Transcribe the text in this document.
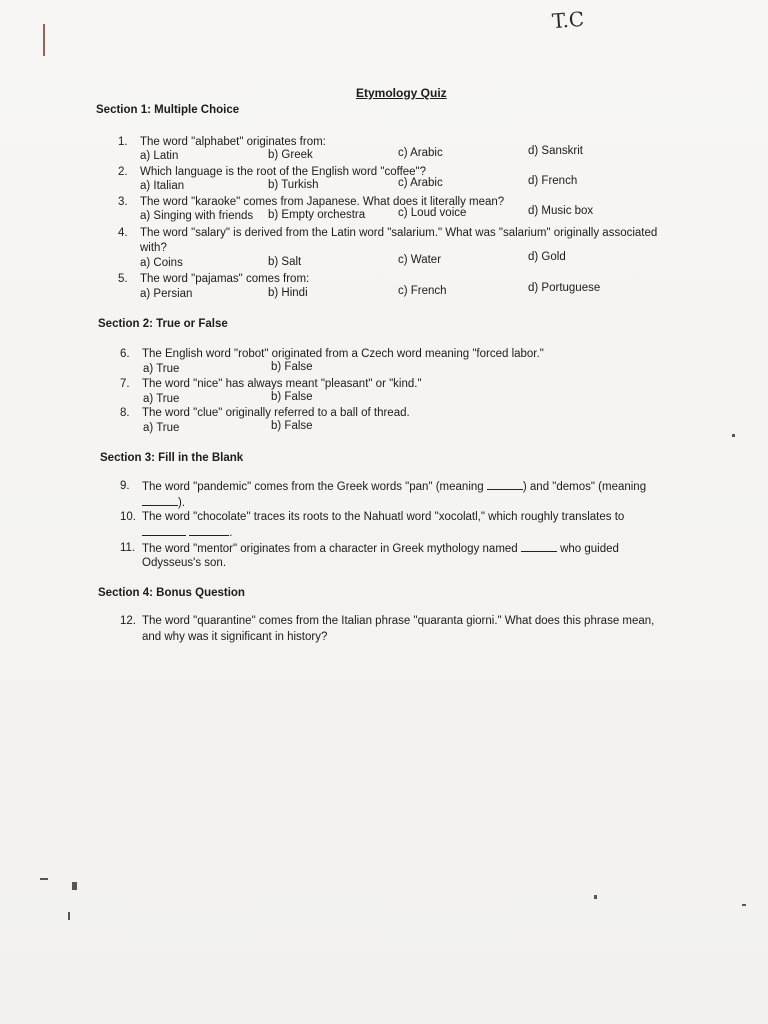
T.C
Etymology Quiz
Section 1: Multiple Choice
1. The word "alphabet" originates from:
a) Latin	b) Greek	c) Arabic	d) Sanskrit
2. Which language is the root of the English word "coffee"?
a) Italian	b) Turkish	c) Arabic	d) French
3. The word "karaoke" comes from Japanese. What does it literally mean?
a) Singing with friends b) Empty orchestra	c) Loud voice	d) Music box
4. The word "salary" is derived from the Latin word "salarium." What was "salarium" originally associated
with?
a) Coins	b) Salt	c) Water	d) Gold
5. The word "pajamas" comes from:
a) Persian	b) Hindi	c) French	d) Portuguese
Section 2: True or False
6. The English word "robot" originated from a Czech word meaning "forced labor."
a) True	b) False
7. The word "nice" has always meant "pleasant" or "kind."
a) True	b) False
8. The word "clue" originally referred to a ball of thread.
a) True	b) False
Section 3: Fill in the Blank
9. The word "pandemic" comes from the Greek words "pan" (meaning	) and "demos" (meaning
).
10. The word "chocolate" traces its roots to the Nahuatl word "xocolatl," which roughly translates to
.
11. The word "mentor" originates from a character in Greek mythology named	who guided
Odysseus's son.
Section 4: Bonus Question
12. The word "quarantine" comes from the Italian phrase "quaranta giorni." What does this phrase mean,
and why was it significant in history?
